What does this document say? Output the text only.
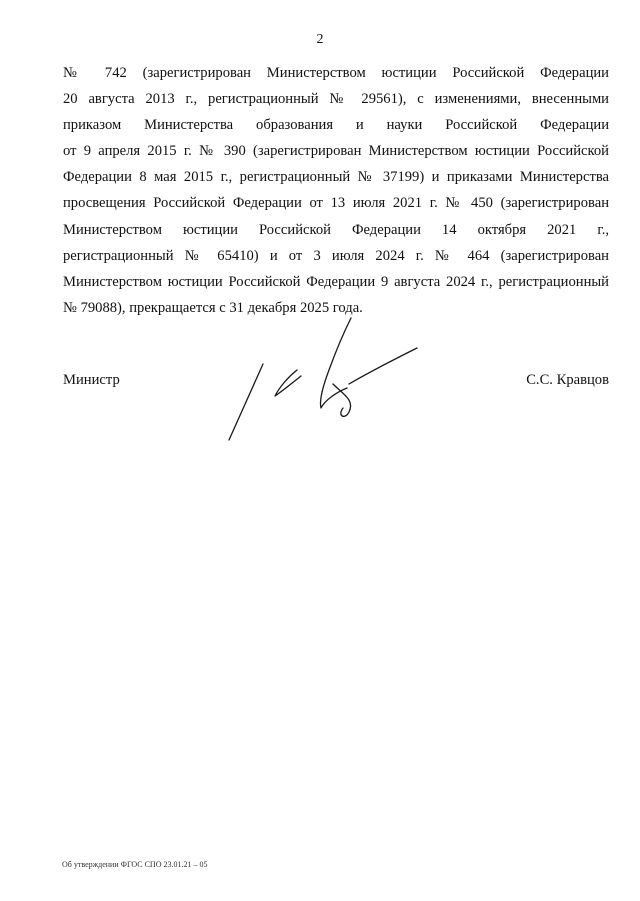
2
№ 742 (зарегистрирован Министерством юстиции Российской Федерации
20 августа 2013 г., регистрационный № 29561), с изменениями, внесенными
приказом Министерства образования и науки Российской Федерации
от 9 апреля 2015 г. № 390 (зарегистрирован Министерством юстиции Российской
Федерации 8 мая 2015 г., регистрационный № 37199) и приказами Министерства
просвещения Российской Федерации от 13 июля 2021 г. № 450 (зарегистрирован
Министерством юстиции Российской Федерации 14 октября 2021 г.,
регистрационный № 65410) и от 3 июля 2024 г. № 464 (зарегистрирован
Министерством юстиции Российской Федерации 9 августа 2024 г., регистрационный
№ 79088), прекращается с 31 декабря 2025 года.
Министр	С.С. Кравцов
Об утверждении ФГОС СПО 23.01.21 – 05
